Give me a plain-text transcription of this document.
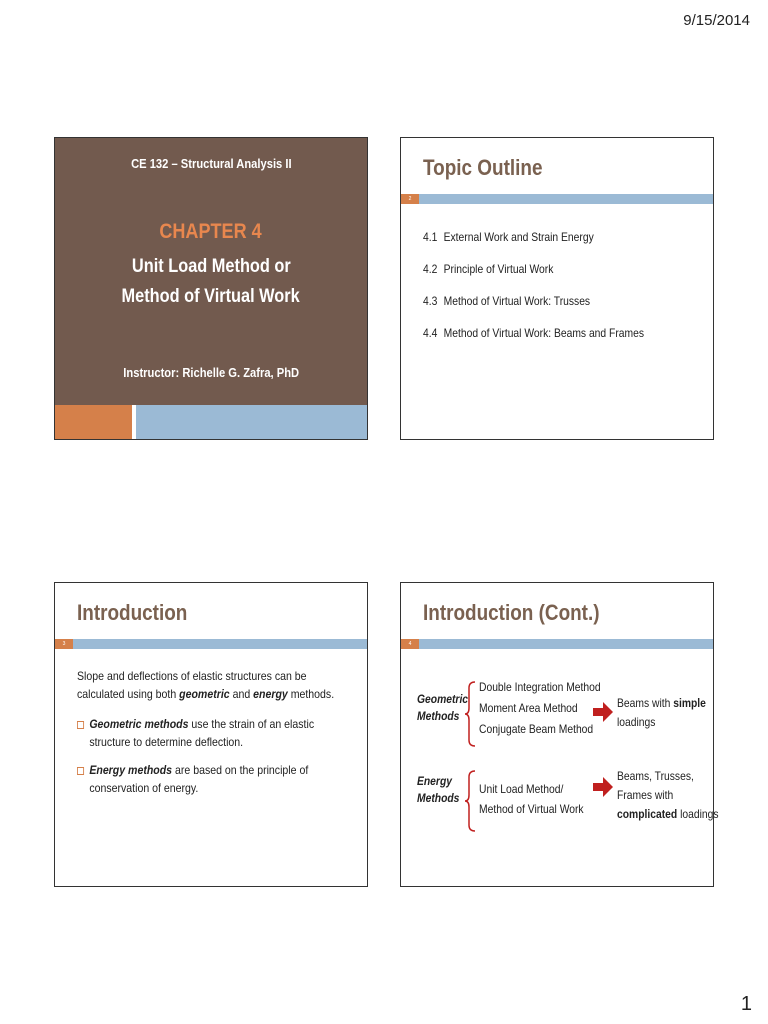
9/15/2014
CE 132 – Structural Analysis II
CHAPTER 4
Unit Load Method or
Method of Virtual Work
Instructor: Richelle G. Zafra, PhD
Topic Outline
2
4.1 External Work and Strain Energy
4.2 Principle of Virtual Work
4.3 Method of Virtual Work: Trusses
4.4 Method of Virtual Work: Beams and Frames
Introduction
3

Slope and deflections of elastic structures can be calculated using both geometric and energy methods.

Geometric methods use the strain of an elastic structure to determine deflection.
Energy methods are based on the principle of conservation of energy.
Introduction (Cont.)
4
Geometric
Methods
Double Integration Method
Moment Area Method
Conjugate Beam Method
Beams with simple
loadings
Energy
Methods
Unit Load Method/
Method of Virtual Work
Beams, Trusses,
Frames with
complicated loadings
1
